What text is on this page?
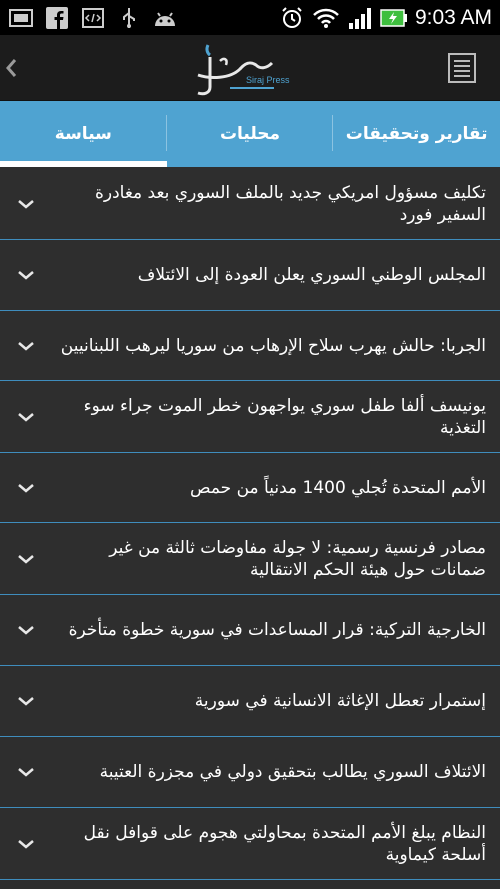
9:03 AM
Siraj Press
تقارير وتحقيقات
محليات
سياسة
تكليف مسؤول امريكي جديد بالملف السوري بعد مغادرة السفير فورد
المجلس الوطني السوري يعلن العودة إلى الائتلاف
الجربا: حالش يهرب سلاح الإرهاب من سوريا ليرهب اللبنانيين
يونيسف ألفا طفل سوري يواجهون خطر الموت جراء سوء التغذية
الأمم المتحدة تُجلي 1400 مدنياً من حمص
مصادر فرنسية رسمية: لا جولة مفاوضات ثالثة من غير ضمانات حول هيئة الحكم الانتقالية
الخارجية التركية: قرار المساعدات في سورية خطوة متأخرة
إستمرار تعطل الإغاثة الانسانية في سورية
الائتلاف السوري يطالب بتحقيق دولي في مجزرة العتيبة
النظام يبلغ الأمم المتحدة بمحاولتي هجوم على قوافل نقل أسلحة كيماوية
